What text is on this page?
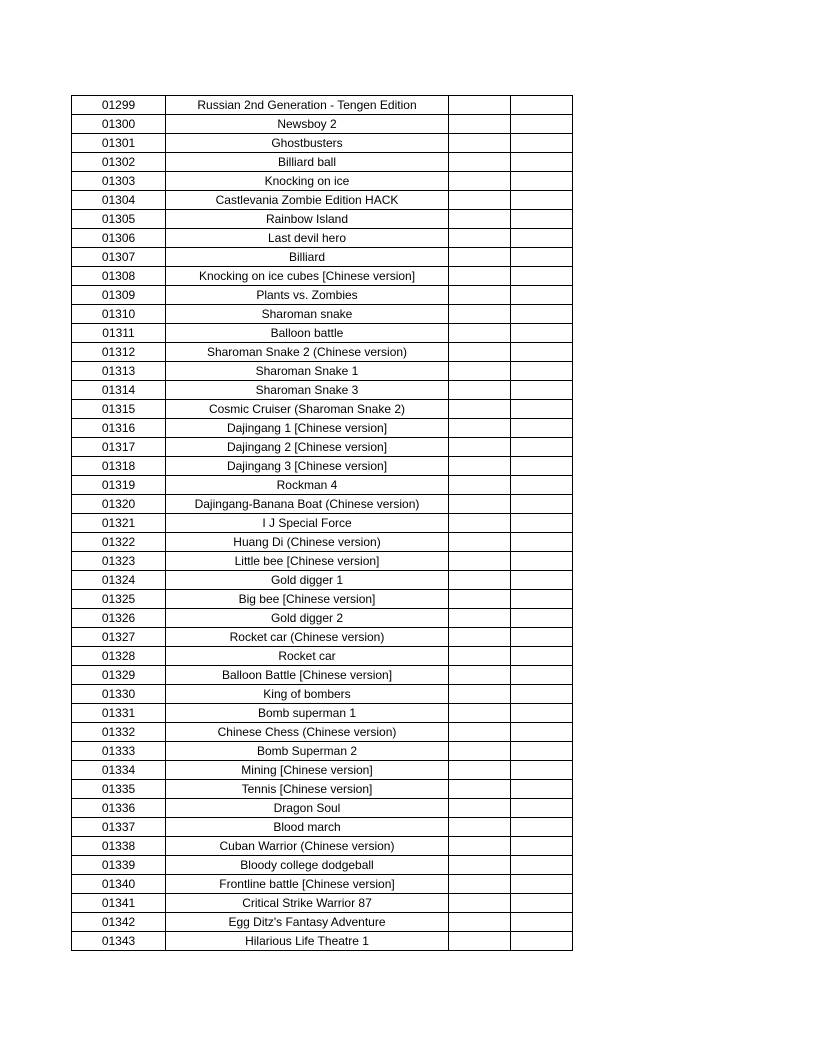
01299	Russian 2nd Generation - Tengen Edition		
01300	Newsboy 2		
01301	Ghostbusters		
01302	Billiard ball		
01303	Knocking on ice		
01304	Castlevania Zombie Edition HACK		
01305	Rainbow Island		
01306	Last devil hero		
01307	Billiard		
01308	Knocking on ice cubes [Chinese version]		
01309	Plants vs. Zombies		
01310	Sharoman snake		
01311	Balloon battle		
01312	Sharoman Snake 2 (Chinese version)		
01313	Sharoman Snake 1		
01314	Sharoman Snake 3		
01315	Cosmic Cruiser (Sharoman Snake 2)		
01316	Dajingang 1 [Chinese version]		
01317	Dajingang 2 [Chinese version]		
01318	Dajingang 3 [Chinese version]		
01319	Rockman 4		
01320	Dajingang-Banana Boat (Chinese version)		
01321	I J Special Force		
01322	Huang Di (Chinese version)		
01323	Little bee [Chinese version]		
01324	Gold digger 1		
01325	Big bee [Chinese version]		
01326	Gold digger 2		
01327	Rocket car (Chinese version)		
01328	Rocket car		
01329	Balloon Battle [Chinese version]		
01330	King of bombers		
01331	Bomb superman 1		
01332	Chinese Chess (Chinese version)		
01333	Bomb Superman 2		
01334	Mining [Chinese version]		
01335	Tennis [Chinese version]		
01336	Dragon Soul		
01337	Blood march		
01338	Cuban Warrior (Chinese version)		
01339	Bloody college dodgeball		
01340	Frontline battle [Chinese version]		
01341	Critical Strike Warrior 87		
01342	Egg Ditz's Fantasy Adventure		
01343	Hilarious Life Theatre 1		
